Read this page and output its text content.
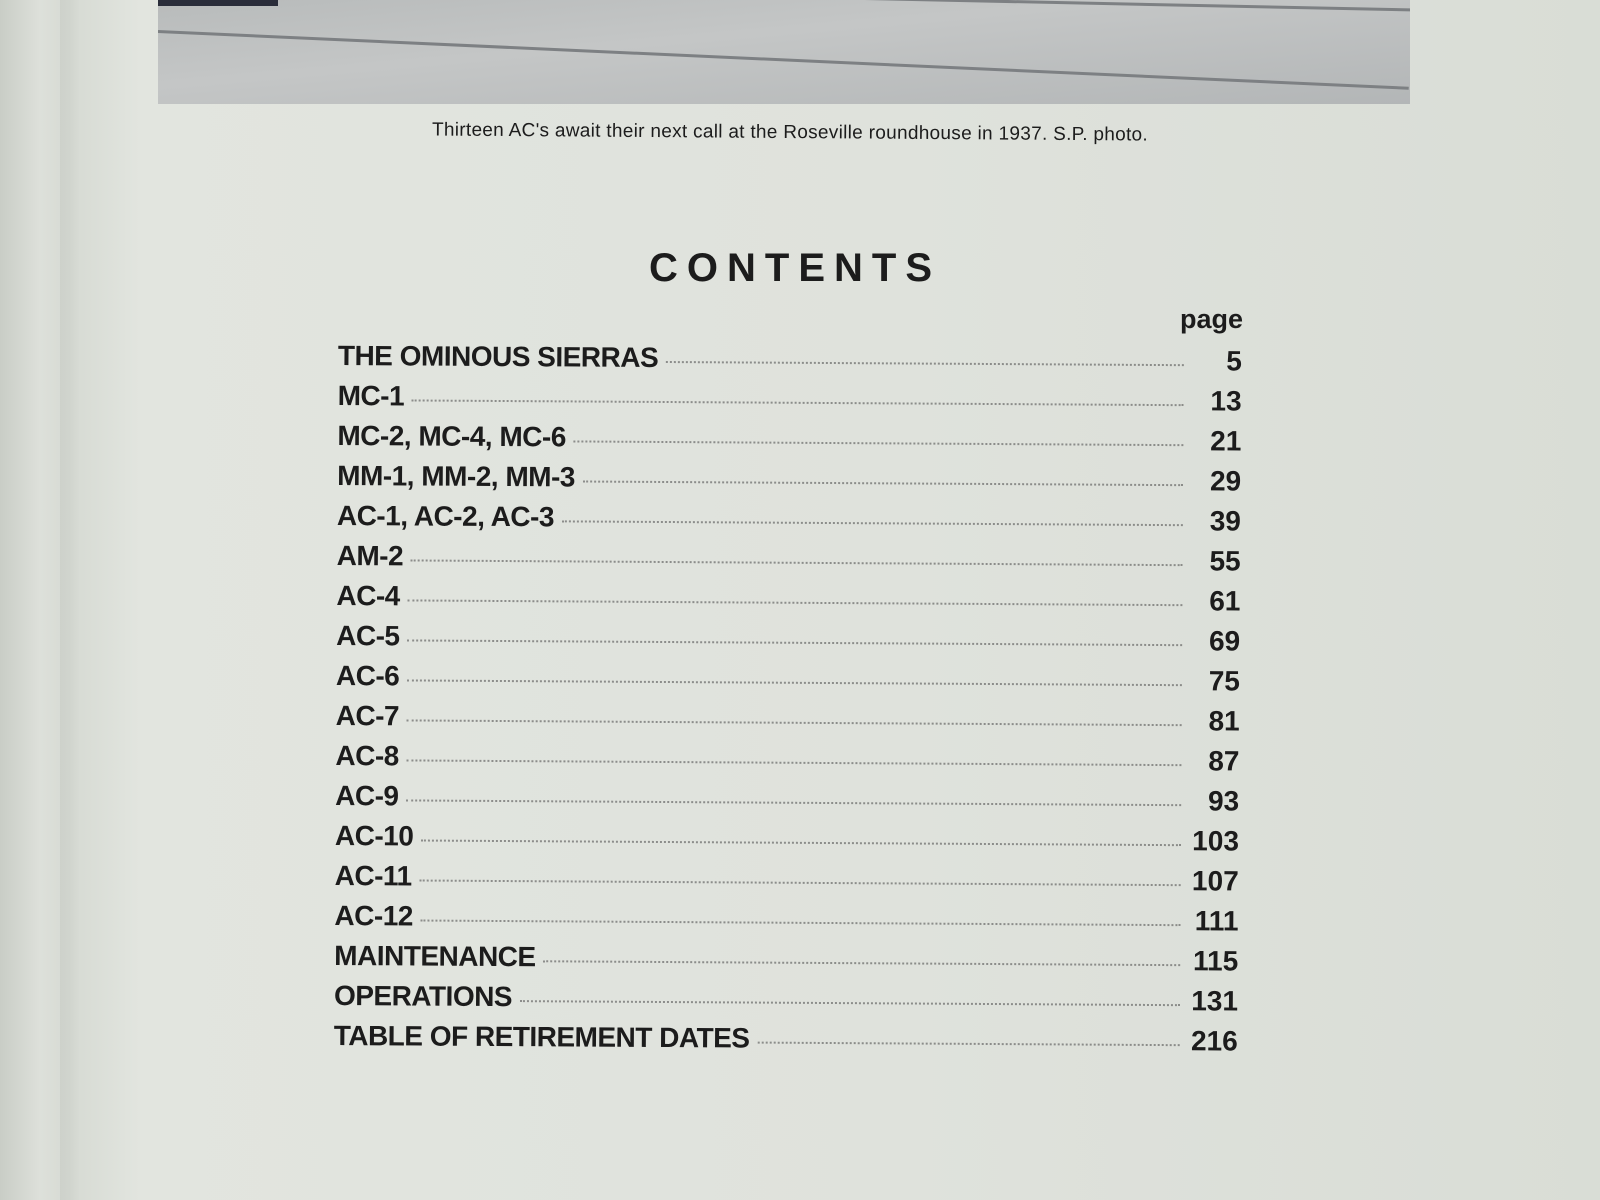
Thirteen AC's await their next call at the Roseville roundhouse in 1937. S.P. photo.
CONTENTS
page
THE OMINOUS SIERRAS	5
MC-1	13
MC-2, MC-4, MC-6	21
MM-1, MM-2, MM-3	29
AC-1, AC-2, AC-3	39
AM-2	55
AC-4	61
AC-5	69
AC-6	75
AC-7	81
AC-8	87
AC-9	93
AC-10	103
AC-11	107
AC-12	111
MAINTENANCE	115
OPERATIONS	131
TABLE OF RETIREMENT DATES	216
